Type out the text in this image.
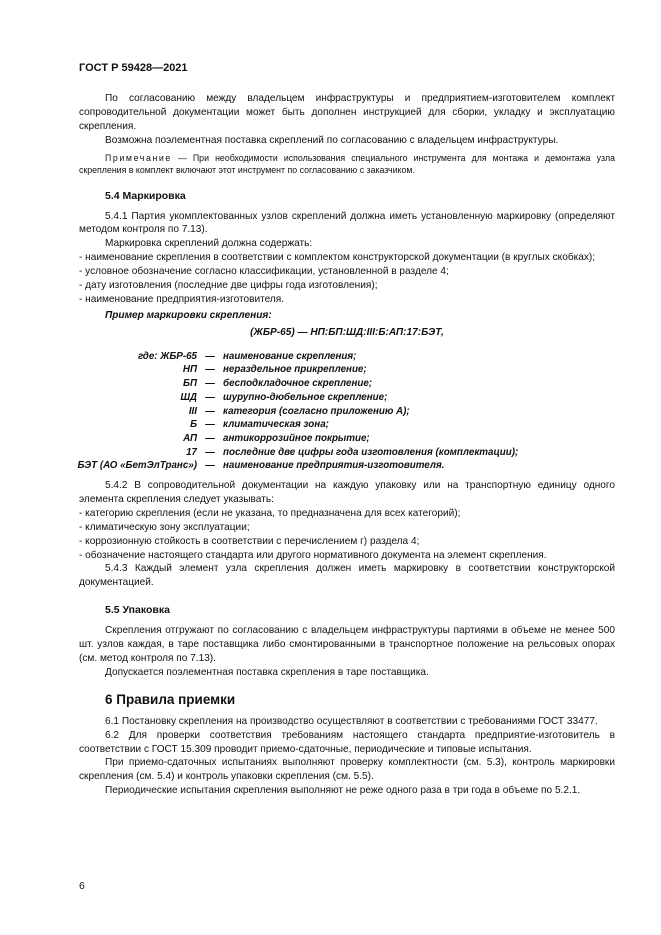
ГОСТ Р 59428—2021

По согласованию между владельцем инфраструктуры и предприятием-изготовителем комплект сопроводительной документации может быть дополнен инструкцией для сборки, укладку и эксплуатацию скрепления.

Возможна поэлементная поставка скреплений по согласованию с владельцем инфраструктуры.

Примечание — При необходимости использования специального инструмента для монтажа и демонтажа узла скрепления в комплект включают этот инструмент по согласованию с заказчиком.

5.4 Маркировка

5.4.1 Партия укомплектованных узлов скреплений должна иметь установленную маркировку (определяют методом контроля по 7.13).

Маркировка скреплений должна содержать:

- наименование скрепления в соответствии с комплектом конструкторской документации (в круглых скобках);

- условное обозначение согласно классификации, установленной в разделе 4;

- дату изготовления (последние две цифры года изготовления);

- наименование предприятия-изготовителя.

Пример маркировки скрепления:

(ЖБР-65) — НП:БП:ШД:III:Б:АП:17:БЭТ,

где: ЖБР-65	—	наименование скрепления;
НП	—	нераздельное прикрепление;
БП	—	бесподкладочное скрепление;
ШД	—	шурупно-дюбельное скрепление;
III	—	категория (согласно приложению А);
Б	—	климатическая зона;
АП	—	антикоррозийное покрытие;
17	—	последние две цифры года изготовления (комплектации);
БЭТ (АО «БетЭлТранс»)	—	наименование предприятия-изготовителя.

5.4.2 В сопроводительной документации на каждую упаковку или на транспортную единицу одного элемента скрепления следует указывать:

- категорию скрепления (если не указана, то предназначена для всех категорий);

- климатическую зону эксплуатации;

- коррозионную стойкость в соответствии с перечислением г) раздела 4;

- обозначение настоящего стандарта или другого нормативного документа на элемент скрепления.

5.4.3 Каждый элемент узла скрепления должен иметь маркировку в соответствии конструкторской документацией.

5.5 Упаковка

Скрепления отгружают по согласованию с владельцем инфраструктуры партиями в объеме не менее 500 шт. узлов каждая, в таре поставщика либо смонтированными в транспортное положение на рельсовых опорах (см. метод контроля по 7.13).

Допускается поэлементная поставка скрепления в таре поставщика.

6 Правила приемки

6.1 Постановку скрепления на производство осуществляют в соответствии с требованиями ГОСТ 33477.

6.2 Для проверки соответствия требованиям настоящего стандарта предприятие-изготовитель в соответствии с ГОСТ 15.309 проводит приемо-сдаточные, периодические и типовые испытания.

При приемо-сдаточных испытаниях выполняют проверку комплектности (см. 5.3), контроль маркировки скрепления (см. 5.4) и контроль упаковки скрепления (см. 5.5).

Периодические испытания скрепления выполняют не реже одного раза в три года в объеме по 5.2.1.

6
